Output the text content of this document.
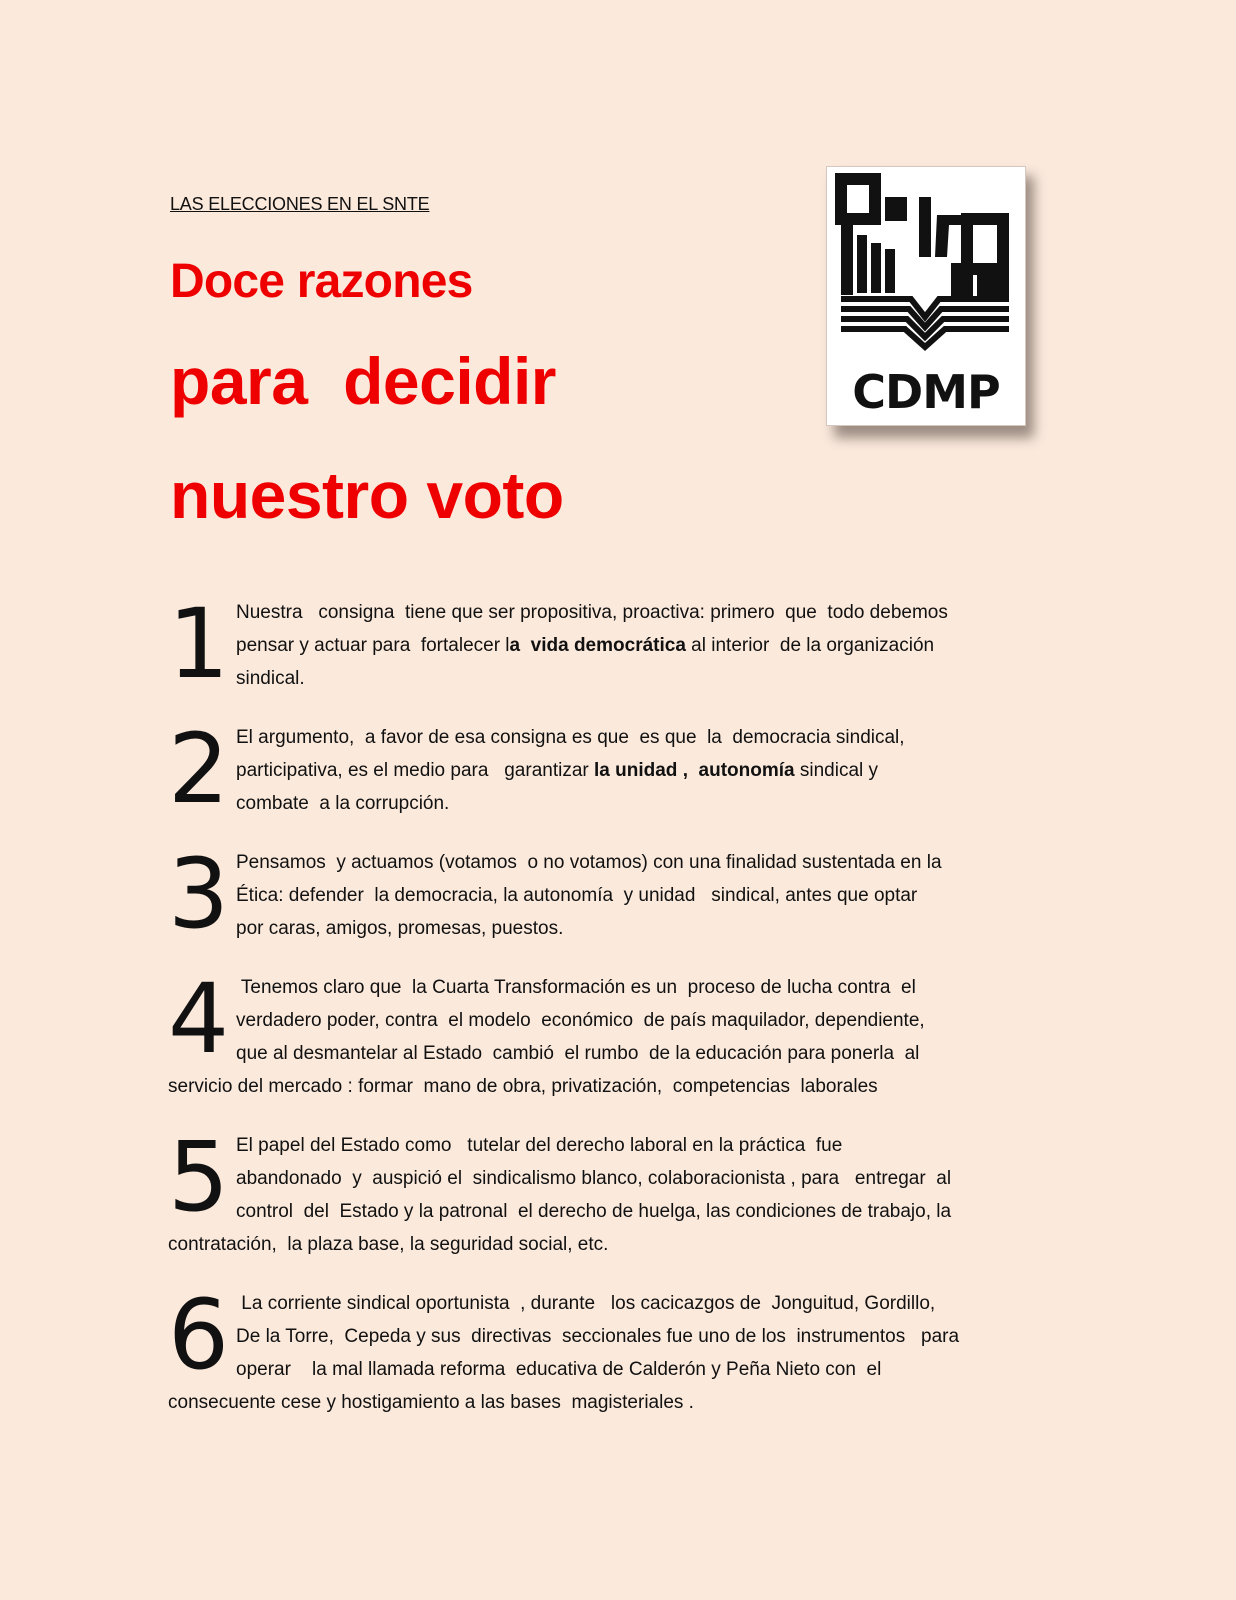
LAS ELECCIONES EN EL SNTE
Doce razones
para  decidir
nuestro voto
CDMP
1 Nuestra   consigna  tiene que ser propositiva, proactiva: primero  que  todo debemos
pensar y actuar para  fortalecer la  vida democrática al interior  de la organización
sindical.
2 El argumento,  a favor de esa consigna es que  es que  la  democracia sindical,
participativa, es el medio para   garantizar la unidad ,  autonomía sindical y
combate  a la corrupción.
3 Pensamos  y actuamos (votamos  o no votamos) con una finalidad sustentada en la
Ética: defender  la democracia, la autonomía  y unidad   sindical, antes que optar
por caras, amigos, promesas, puestos.
4 Tenemos claro que  la Cuarta Transformación es un  proceso de lucha contra  el
verdadero poder, contra  el modelo  económico  de país maquilador, dependiente,
que al desmantelar al Estado  cambió  el rumbo  de la educación para ponerla  al
servicio del mercado : formar  mano de obra, privatización,  competencias  laborales
5 El papel del Estado como   tutelar del derecho laboral en la práctica  fue
abandonado  y  auspició el  sindicalismo blanco, colaboracionista , para   entregar  al
control  del  Estado y la patronal  el derecho de huelga, las condiciones de trabajo, la
contratación,  la plaza base, la seguridad social, etc.
6 La corriente sindical oportunista  , durante   los cacicazgos de  Jonguitud, Gordillo,
De la Torre,  Cepeda y sus  directivas  seccionales fue uno de los  instrumentos   para
operar    la mal llamada reforma  educativa de Calderón y Peña Nieto con  el
consecuente cese y hostigamiento a las bases  magisteriales .
